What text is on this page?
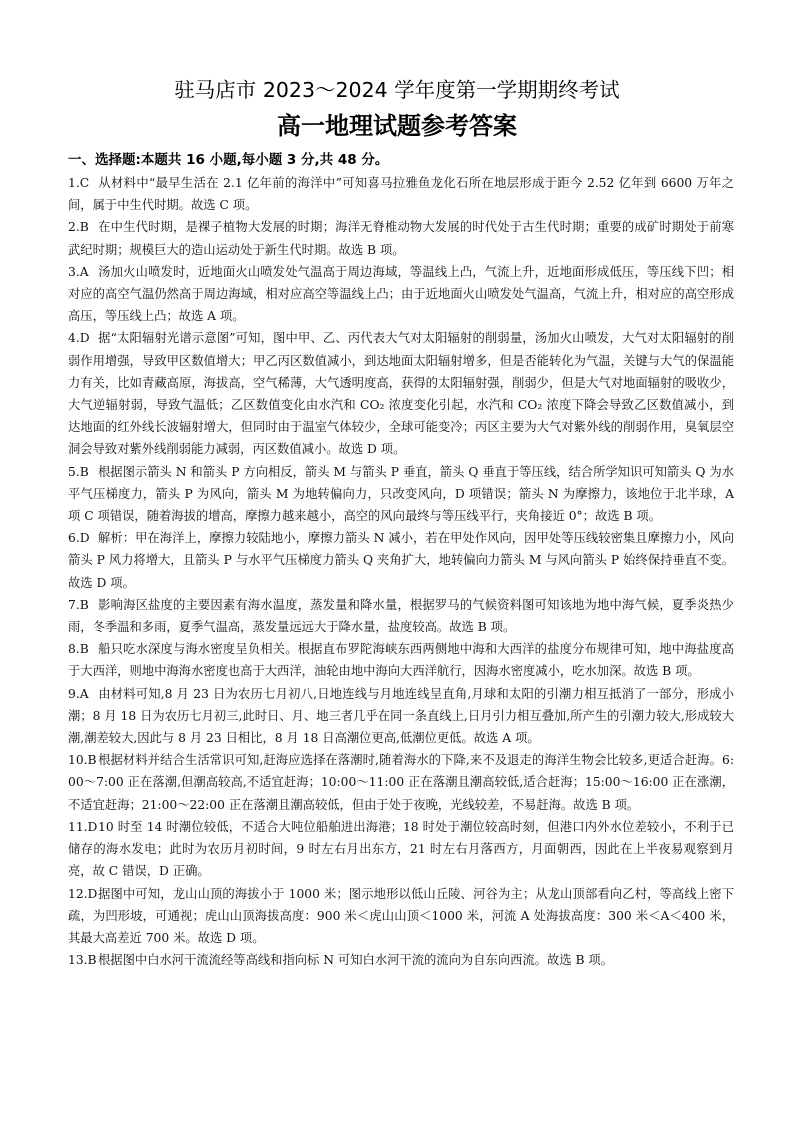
驻马店市 2023～2024 学年度第一学期期终考试
高一地理试题参考答案
一、选择题:本题共 16 小题,每小题 3 分,共 48 分。

1.C 从材料中“最早生活在 2.1 亿年前的海洋中”可知喜马拉雅鱼龙化石所在地层形成于距今 2.52 亿年到 6600 万年之间，属于中生代时期。故选 C 项。

2.B 在中生代时期，是裸子植物大发展的时期；海洋无脊椎动物大发展的时代处于古生代时期；重要的成矿时期处于前寒武纪时期；规模巨大的造山运动处于新生代时期。故选 B 项。

3.A 汤加火山喷发时，近地面火山喷发处气温高于周边海域，等温线上凸，气流上升，近地面形成低压，等压线下凹；相对应的高空气温仍然高于周边海域，相对应高空等温线上凸；由于近地面火山喷发处气温高，气流上升，相对应的高空形成高压，等压线上凸；故选 A 项。

4.D 据“太阳辐射光谱示意图”可知，图中甲、乙、丙代表大气对太阳辐射的削弱量，汤加火山喷发，大气对太阳辐射的削弱作用增强，导致甲区数值增大；甲乙丙区数值减小，到达地面太阳辐射增多，但是否能转化为气温，关键与大气的保温能力有关，比如青藏高原，海拔高，空气稀薄，大气透明度高，获得的太阳辐射强，削弱少，但是大气对地面辐射的吸收少，大气逆辐射弱，导致气温低；乙区数值变化由水汽和 CO₂ 浓度变化引起，水汽和 CO₂ 浓度下降会导致乙区数值减小，到达地面的红外线长波辐射增大，但同时由于温室气体较少，全球可能变冷；丙区主要为大气对紫外线的削弱作用，臭氧层空洞会导致对紫外线削弱能力减弱，丙区数值减小。故选 D 项。

5.B 根据图示箭头 N 和箭头 P 方向相反，箭头 M 与箭头 P 垂直，箭头 Q 垂直于等压线，结合所学知识可知箭头 Q 为水平气压梯度力，箭头 P 为风向，箭头 M 为地转偏向力，只改变风向，D 项错误；箭头 N 为摩擦力，该地位于北半球，A 项 C 项错误，随着海拔的增高，摩擦力越来越小，高空的风向最终与等压线平行，夹角接近 0°；故选 B 项。

6.D 解析：甲在海洋上，摩擦力较陆地小，摩擦力箭头 N 减小，若在甲处作风向，因甲处等压线较密集且摩擦力小，风向箭头 P 风力将增大，且箭头 P 与水平气压梯度力箭头 Q 夹角扩大，地转偏向力箭头 M 与风向箭头 P 始终保持垂直不变。故选 D 项。

7.B 影响海区盐度的主要因素有海水温度，蒸发量和降水量，根据罗马的气候资料图可知该地为地中海气候，夏季炎热少雨，冬季温和多雨，夏季气温高，蒸发量远远大于降水量，盐度较高。故选 B 项。

8.B 船只吃水深度与海水密度呈负相关。根据直布罗陀海峡东西两侧地中海和大西洋的盐度分布规律可知，地中海盐度高于大西洋，则地中海海水密度也高于大西洋，油轮由地中海向大西洋航行，因海水密度减小，吃水加深。故选 B 项。

9.A 由材料可知,8 月 23 日为农历七月初八,日地连线与月地连线呈直角,月球和太阳的引潮力相互抵消了一部分，形成小潮；8 月 18 日为农历七月初三,此时日、月、地三者几乎在同一条直线上,日月引力相互叠加,所产生的引潮力较大,形成较大潮,潮差较大,因此与 8 月 23 日相比，8 月 18 日高潮位更高,低潮位更低。故选 A 项。

10.B根据材料并结合生活常识可知,赶海应选择在落潮时,随着海水的下降,来不及退走的海洋生物会比较多,更适合赶海。6:00～7:00 正在落潮,但潮高较高,不适宜赶海；10:00～11:00 正在落潮且潮高较低,适合赶海；15:00～16:00 正在涨潮，不适宜赶海；21:00～22:00 正在落潮且潮高较低，但由于处于夜晚，光线较差，不易赶海。故选 B 项。

11.D10 时至 14 时潮位较低，不适合大吨位船舶进出海港；18 时处于潮位较高时刻，但港口内外水位差较小，不利于已储存的海水发电；此时为农历月初时间，9 时左右月出东方，21 时左右月落西方，月面朝西，因此在上半夜易观察到月亮，故 C 错误，D 正确。

12.D据图中可知，龙山山顶的海拔小于 1000 米；图示地形以低山丘陵、河谷为主；从龙山顶部看向乙村，等高线上密下疏，为凹形坡，可通视；虎山山顶海拔高度：900 米＜虎山山顶＜1000 米，河流 A 处海拔高度：300 米＜A＜400 米，其最大高差近 700 米。故选 D 项。

13.B根据图中白水河干流流经等高线和指向标 N 可知白水河干流的流向为自东向西流。故选 B 项。
